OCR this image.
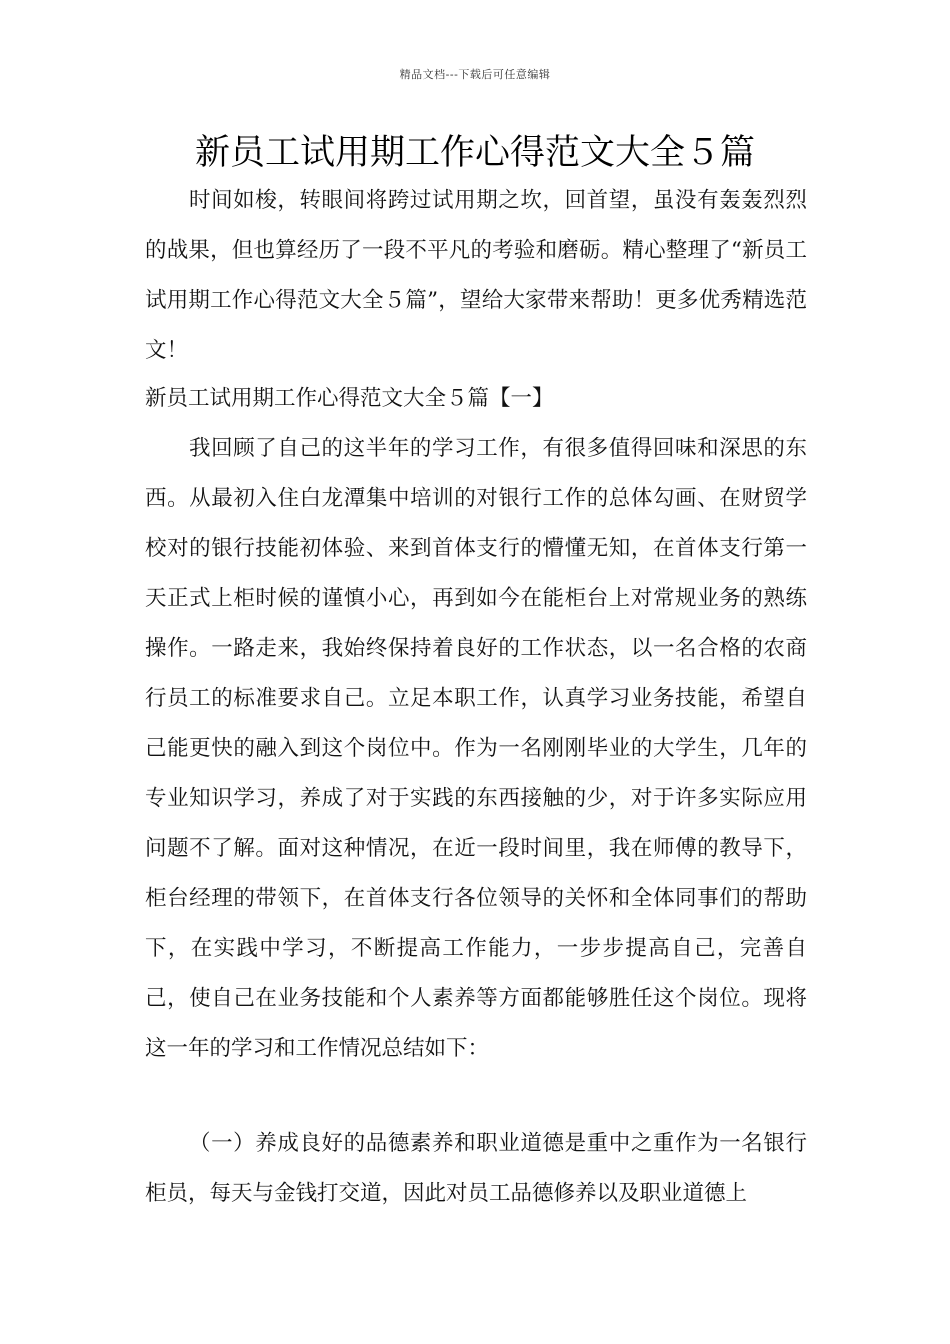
精品文档---下载后可任意编辑
新员工试用期工作心得范文大全５篇

时间如梭，转眼间将跨过试用期之坎，回首望，虽没有轰轰烈烈的战果，但也算经历了一段不平凡的考验和磨砺。精心整理了“新员工试用期工作心得范文大全５篇”，望给大家带来帮助！更多优秀精选范文！

新员工试用期工作心得范文大全５篇【一】

我回顾了自己的这半年的学习工作，有很多值得回味和深思的东西。从最初入住白龙潭集中培训的对银行工作的总体勾画、在财贸学校对的银行技能初体验、来到首体支行的懵懂无知，在首体支行第一天正式上柜时候的谨慎小心，再到如今在能柜台上对常规业务的熟练操作。一路走来，我始终保持着良好的工作状态，以一名合格的农商行员工的标准要求自己。立足本职工作，认真学习业务技能，希望自己能更快的融入到这个岗位中。作为一名刚刚毕业的大学生，几年的专业知识学习，养成了对于实践的东西接触的少，对于许多实际应用问题不了解。面对这种情况，在近一段时间里，我在师傅的教导下，柜台经理的带领下，在首体支行各位领导的关怀和全体同事们的帮助下，在实践中学习，不断提高工作能力，一步步提高自己，完善自己，使自己在业务技能和个人素养等方面都能够胜任这个岗位。现将这一年的学习和工作情况总结如下：

（一）养成良好的品德素养和职业道德是重中之重作为一名银行柜员，每天与金钱打交道，因此对员工品德修养以及职业道德上
